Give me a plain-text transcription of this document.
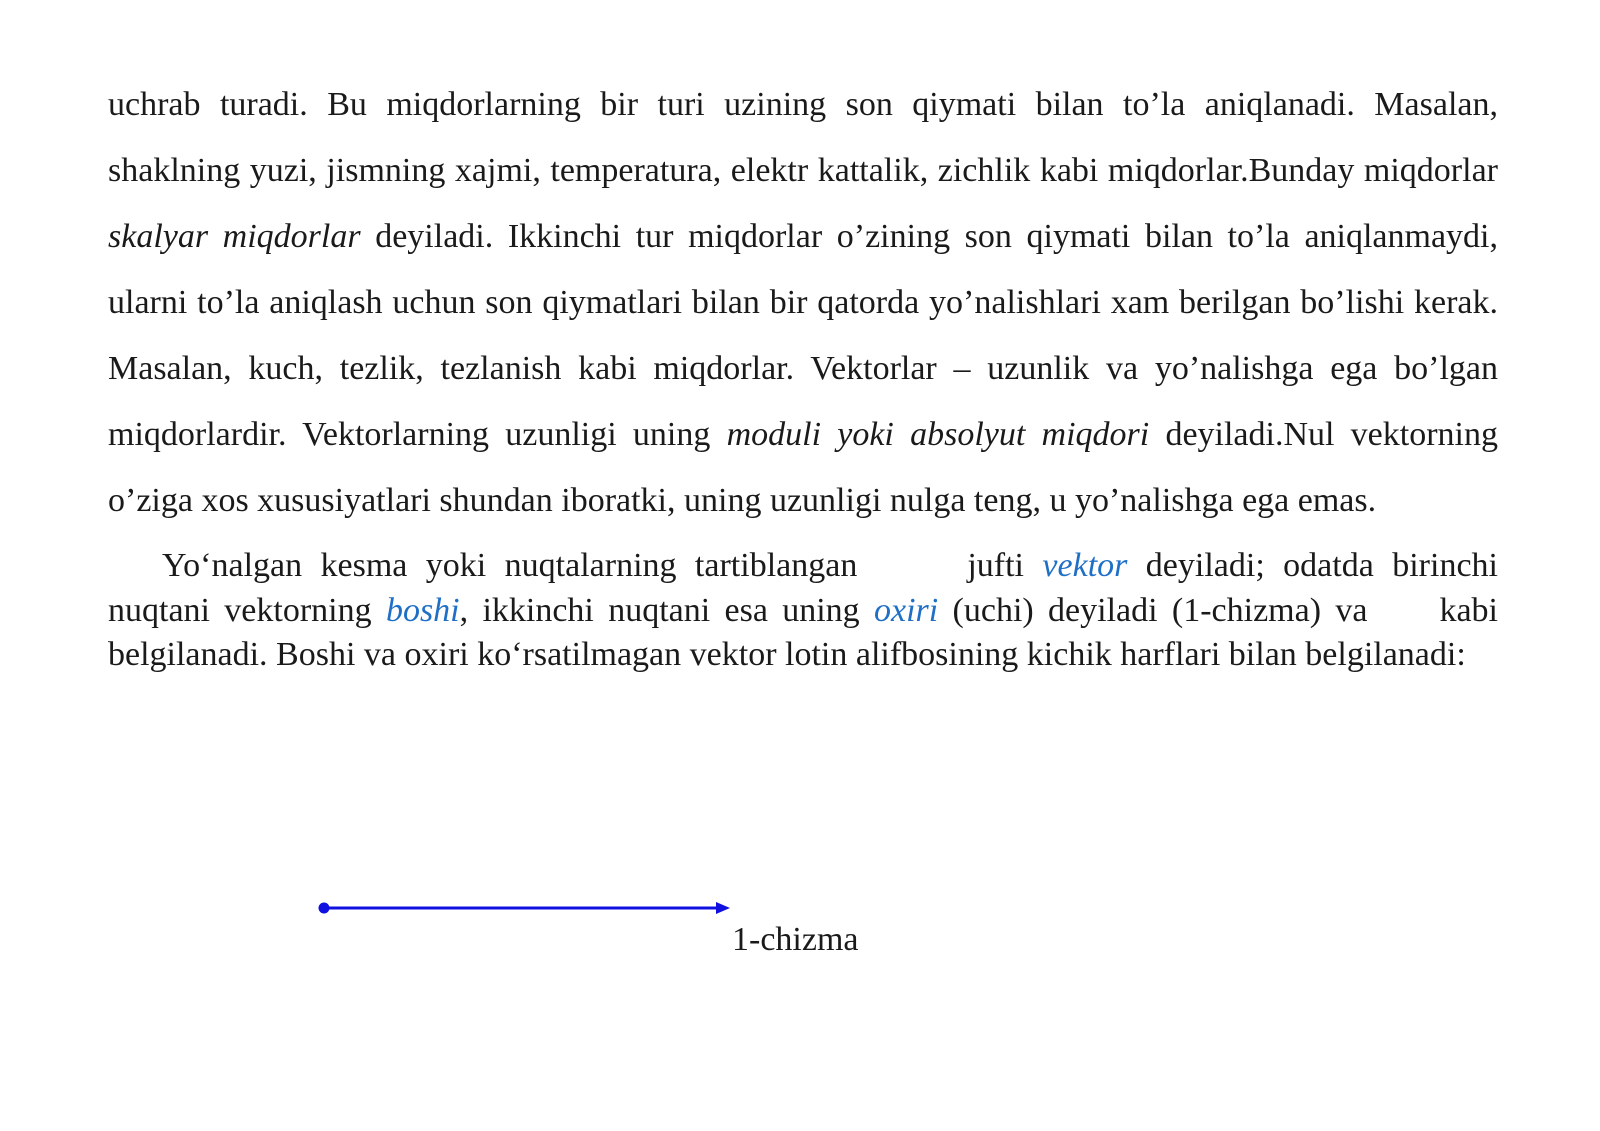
uchrab turadi. Bu miqdorlarning bir turi uzining son qiymati bilan to’la aniqlanadi. Masalan, shaklning yuzi, jismning xajmi, temperatura, elektr kattalik, zichlik kabi miqdorlar.Bunday miqdorlar skalyar miqdorlar deyiladi. Ikkinchi tur miqdorlar o’zining son qiymati bilan to’la aniqlanmaydi, ularni to’la aniqlash uchun son qiymatlari bilan bir qatorda yo’nalishlari xam berilgan bo’lishi kerak. Masalan, kuch, tezlik, tezlanish kabi miqdorlar. Vektorlar – uzunlik va yo’nalishga ega bo’lgan miqdorlardir. Vektorlarning uzunligi uning moduli yoki absolyut miqdori deyiladi.Nul vektorning o’ziga xos xususiyatlari shundan iboratki, uning uzunligi nulga teng, u yo’nalishga ega emas.

Yo‘nalgan kesma yoki nuqtalarning tartiblangan	jufti vektor deyiladi; odatda birinchi nuqtani vektorning boshi, ikkinchi nuqtani esa uning oxiri (uchi) deyiladi (1-chizma) va kabi belgilanadi. Boshi va oxiri ko‘rsatilmagan vektor lotin alifbosining kichik harflari bilan belgilanadi:

1-chizma
